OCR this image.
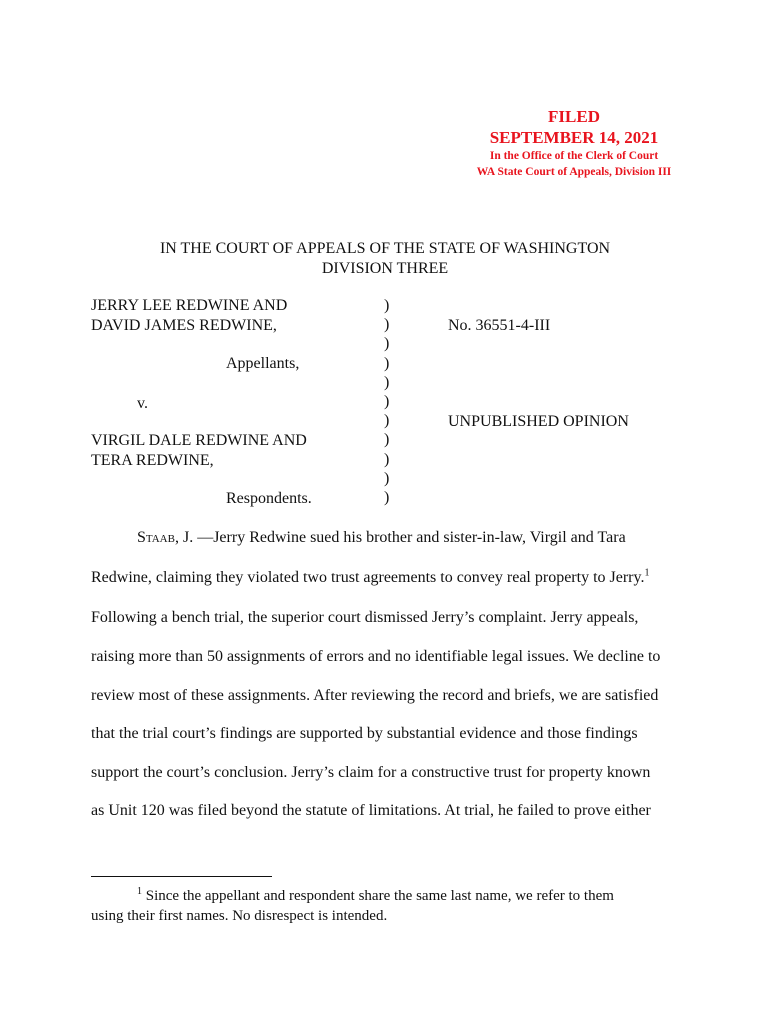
FILED
SEPTEMBER 14, 2021
In the Office of the Clerk of Court
WA State Court of Appeals, Division III
IN THE COURT OF APPEALS OF THE STATE OF WASHINGTON
DIVISION THREE
JERRY LEE REDWINE AND
DAVID JAMES REDWINE,
Appellants,
v.
VIRGIL DALE REDWINE AND
TERA REDWINE,
Respondents.
)
)
)
)
)
)
)
)
)
)
)
No. 36551-4-III
UNPUBLISHED OPINION
Staab, J. —Jerry Redwine sued his brother and sister-in-law, Virgil and Tara
Redwine, claiming they violated two trust agreements to convey real property to Jerry.$^1$
Following a bench trial, the superior court dismissed Jerry’s complaint. Jerry appeals,
raising more than 50 assignments of errors and no identifiable legal issues. We decline to
review most of these assignments. After reviewing the record and briefs, we are satisfied
that the trial court’s findings are supported by substantial evidence and those findings
support the court’s conclusion. Jerry’s claim for a constructive trust for property known
as Unit 120 was filed beyond the statute of limitations. At trial, he failed to prove either
$^1$ Since the appellant and respondent share the same last name, we refer to them
using their first names. No disrespect is intended.
